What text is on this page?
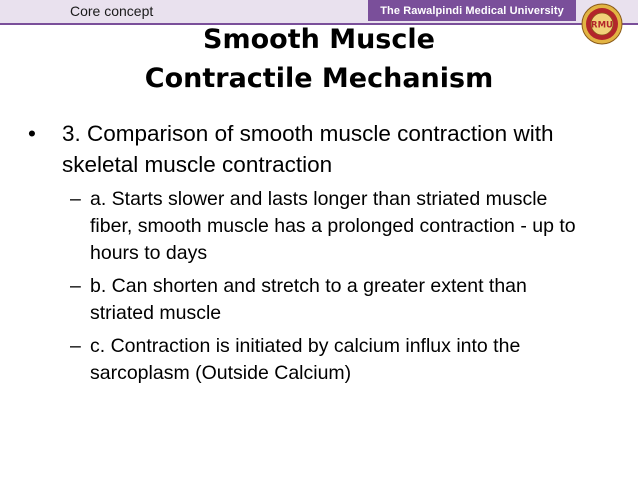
Core concept	The Rawalpindi Medical University
RMU
Smooth Muscle
Contractile Mechanism
• 3. Comparison of smooth muscle contraction with skeletal muscle contraction
– a. Starts slower and lasts longer than striated muscle fiber, smooth muscle has a prolonged contraction - up to hours to days
– b. Can shorten and stretch to a greater extent than striated muscle
– c. Contraction is initiated by calcium influx into the sarcoplasm (Outside Calcium)
